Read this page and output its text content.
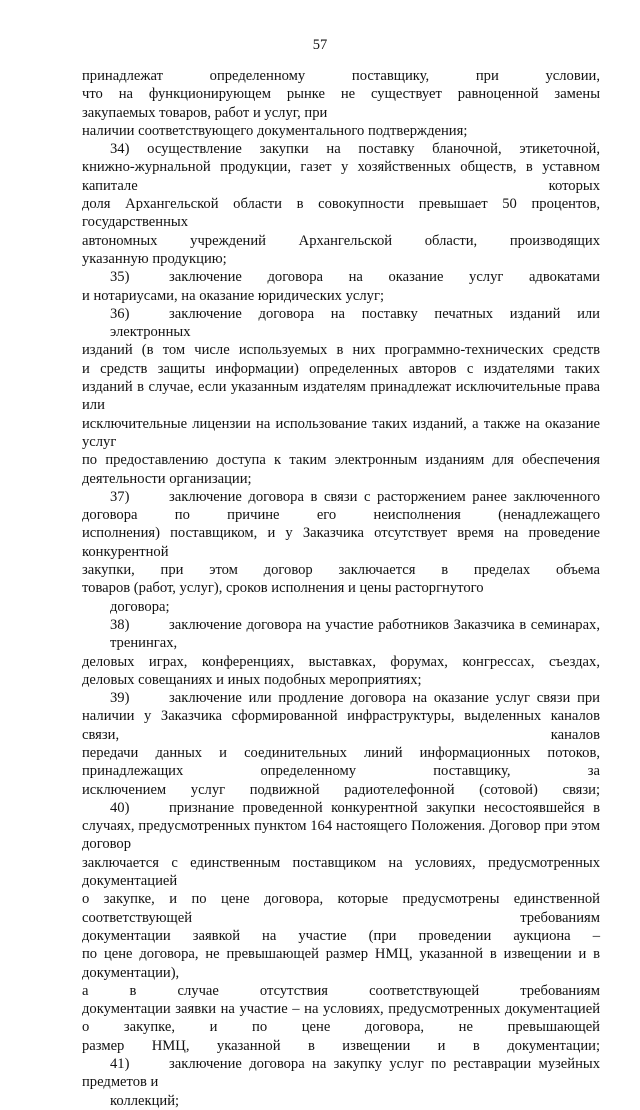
57
принадлежат определенному поставщику, при условии,
что на функционирующем рынке не существует равноценной замены
закупаемых товаров, работ и услуг, при
наличии соответствующего документального подтверждения;
34) осуществление закупки на поставку бланочной, этикеточной,
книжно-журнальной продукции, газет у хозяйственных обществ, в уставном капитале которых
доля Архангельской области в совокупности превышает 50 процентов, государственных
автономных учреждений Архангельской области, производящих
указанную продукцию;
35)	заключение договора на оказание услуг адвокатами
и нотариусами, на оказание юридических услуг;
36)	заключение договора на поставку печатных изданий или электронных
изданий (в том числе используемых в них программно-технических средств
и средств защиты информации) определенных авторов с издателями таких
изданий в случае, если указанным издателям принадлежат исключительные права или
исключительные лицензии на использование таких изданий, а также на оказание услуг
по предоставлению доступа к таким электронным изданиям для обеспечения
деятельности организации;
37)	заключение договора в связи с расторжением ранее заключенного
договора по причине его неисполнения (ненадлежащего
исполнения) поставщиком, и у Заказчика отсутствует время на проведение конкурентной
закупки, при этом договор заключается в пределах объема
товаров (работ, услуг), сроков исполнения и цены расторгнутого
договора;
38)	заключение договора на участие работников Заказчика в семинарах, тренингах,
деловых играх, конференциях, выставках, форумах, конгрессах, съездах,
деловых совещаниях и иных подобных мероприятиях;
39)	заключение или продление договора на оказание услуг связи при
наличии у Заказчика сформированной инфраструктуры, выделенных каналов связи, каналов
передачи данных и соединительных линий информационных потоков, принадлежащих определенному поставщику, за
исключением услуг подвижной радиотелефонной (сотовой) связи;
40)	признание проведенной конкурентной закупки несостоявшейся в
случаях, предусмотренных пунктом 164 настоящего Положения. Договор при этом договор
заключается с единственным поставщиком на условиях, предусмотренных документацией
о закупке, и по цене договора, которые предусмотрены единственной соответствующей требованиям
документации заявкой на участие (при проведении аукциона –
по цене договора, не превышающей размер НМЦ, указанной в извещении и в документации),
а в случае отсутствия соответствующей требованиям
документации заявки на участие – на условиях, предусмотренных документацией
о закупке, и по цене договора, не превышающей
размер НМЦ, указанной в извещении и в документации;
41)	заключение договора на закупку услуг по реставрации музейных
предметов и
коллекций;
